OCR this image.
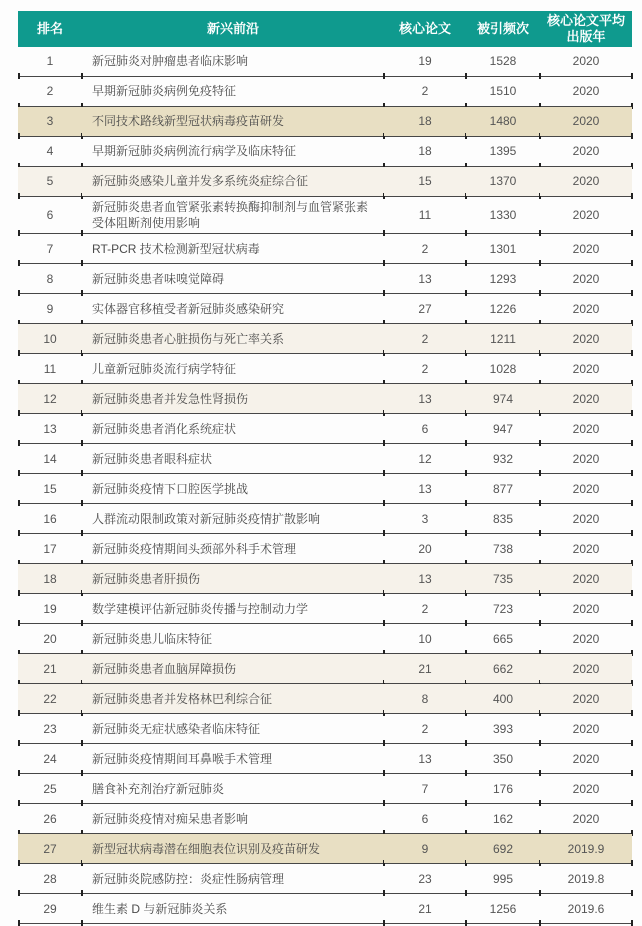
排名	新兴前沿	核心论文	被引频次	核心论文平均
出版年

1	新冠肺炎对肿瘤患者临床影响	19	1528	2020
2	早期新冠肺炎病例免疫特征	2	1510	2020
3	不同技术路线新型冠状病毒疫苗研发	18	1480	2020
4	早期新冠肺炎病例流行病学及临床特征	18	1395	2020
5	新冠肺炎感染儿童并发多系统炎症综合征	15	1370	2020
6	新冠肺炎患者血管紧张素转换酶抑制剂与血管紧张素受体阻断剂使用影响	11	1330	2020
7	RT-PCR 技术检测新型冠状病毒	2	1301	2020
8	新冠肺炎患者味嗅觉障碍	13	1293	2020
9	实体器官移植受者新冠肺炎感染研究	27	1226	2020
10	新冠肺炎患者心脏损伤与死亡率关系	2	1211	2020
11	儿童新冠肺炎流行病学特征	2	1028	2020
12	新冠肺炎患者并发急性肾损伤	13	974	2020
13	新冠肺炎患者消化系统症状	6	947	2020
14	新冠肺炎患者眼科症状	12	932	2020
15	新冠肺炎疫情下口腔医学挑战	13	877	2020
16	人群流动限制政策对新冠肺炎疫情扩散影响	3	835	2020
17	新冠肺炎疫情期间头颈部外科手术管理	20	738	2020
18	新冠肺炎患者肝损伤	13	735	2020
19	数学建模评估新冠肺炎传播与控制动力学	2	723	2020
20	新冠肺炎患儿临床特征	10	665	2020
21	新冠肺炎患者血脑屏障损伤	21	662	2020
22	新冠肺炎患者并发格林巴利综合征	8	400	2020
23	新冠肺炎无症状感染者临床特征	2	393	2020
24	新冠肺炎疫情期间耳鼻喉手术管理	13	350	2020
25	膳食补充剂治疗新冠肺炎	7	176	2020
26	新冠肺炎疫情对痴呆患者影响	6	162	2020
27	新型冠状病毒潜在细胞表位识别及疫苗研发	9	692	2019.9
28	新冠肺炎院感防控：炎症性肠病管理	23	995	2019.8
29	维生素 D 与新冠肺炎关系	21	1256	2019.6
